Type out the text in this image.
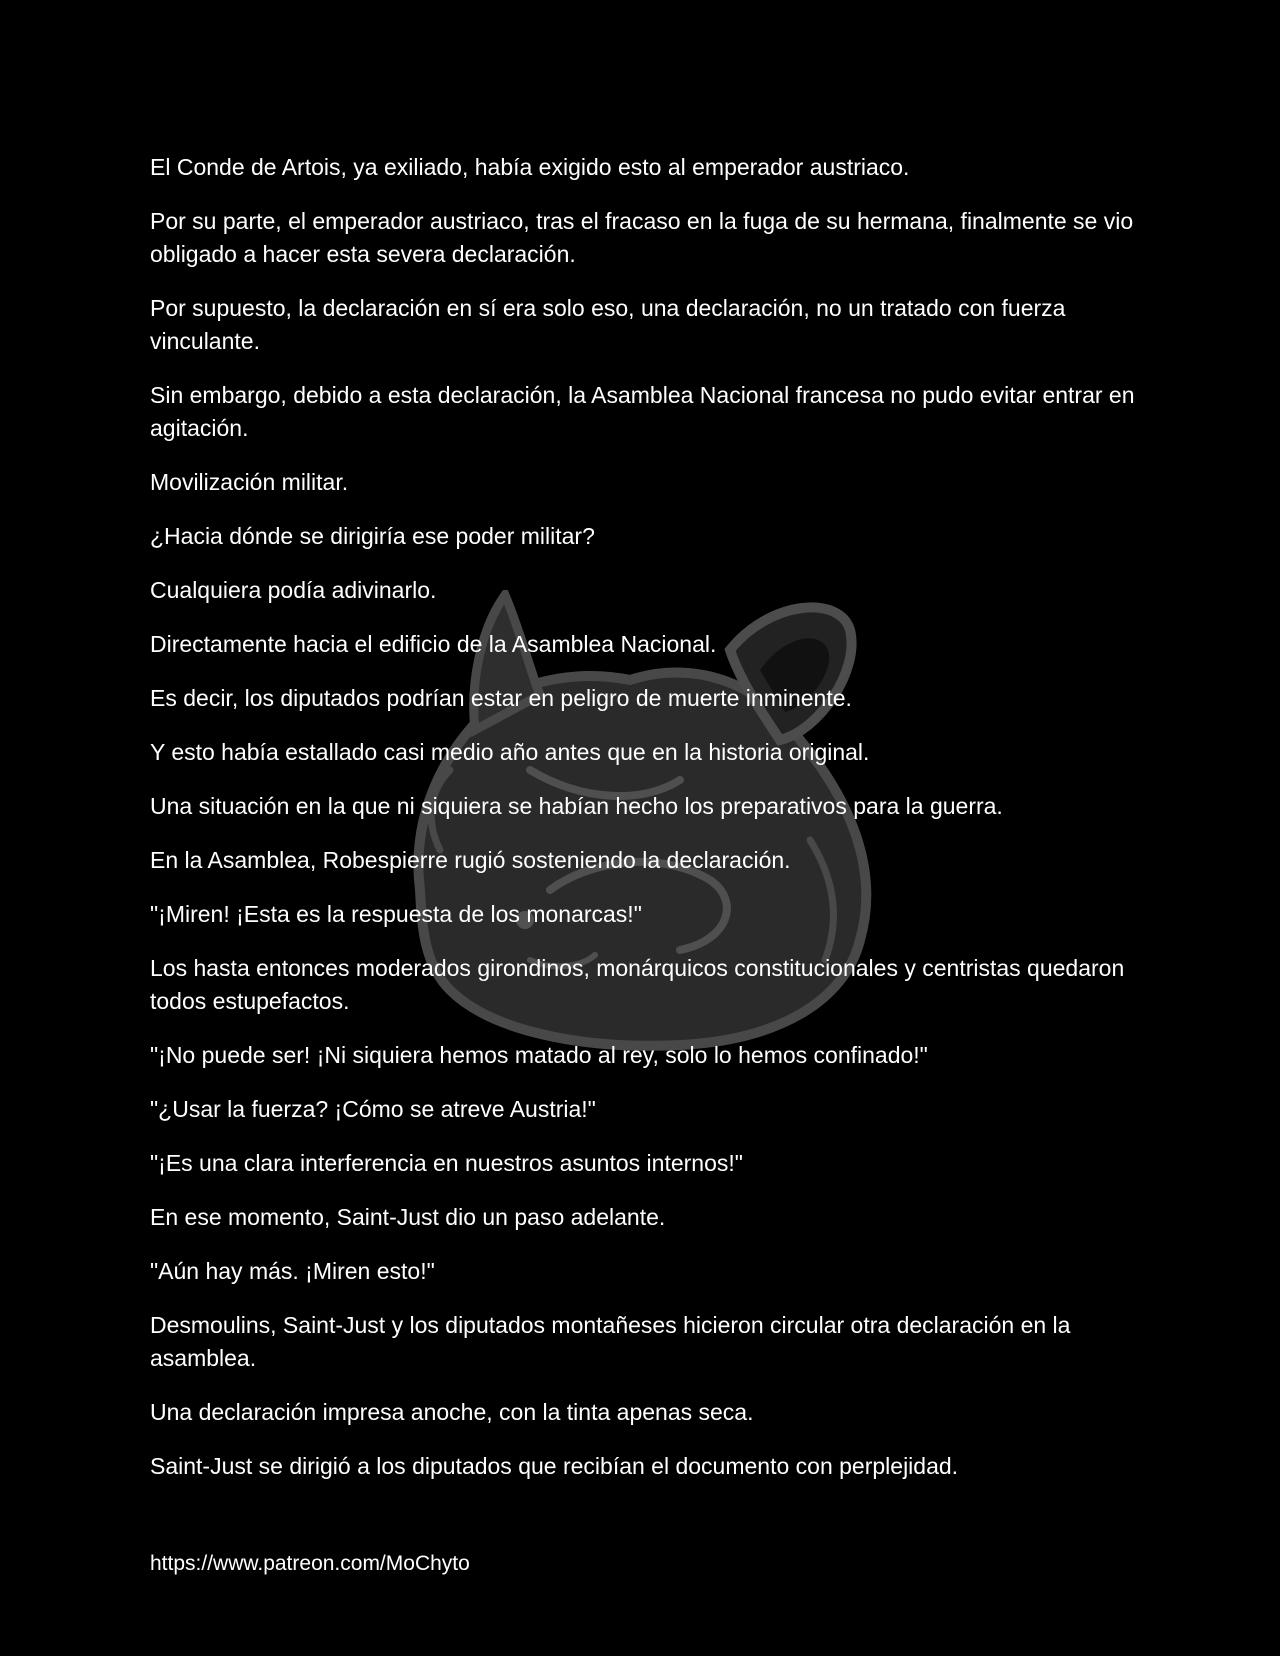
El Conde de Artois, ya exiliado, había exigido esto al emperador austriaco.

Por su parte, el emperador austriaco, tras el fracaso en la fuga de su hermana, finalmente se vio obligado a hacer esta severa declaración.

Por supuesto, la declaración en sí era solo eso, una declaración, no un tratado con fuerza vinculante.

Sin embargo, debido a esta declaración, la Asamblea Nacional francesa no pudo evitar entrar en agitación.

Movilización militar.

¿Hacia dónde se dirigiría ese poder militar?

Cualquiera podía adivinarlo.

Directamente hacia el edificio de la Asamblea Nacional.

Es decir, los diputados podrían estar en peligro de muerte inminente.

Y esto había estallado casi medio año antes que en la historia original.

Una situación en la que ni siquiera se habían hecho los preparativos para la guerra.

En la Asamblea, Robespierre rugió sosteniendo la declaración.

"¡Miren! ¡Esta es la respuesta de los monarcas!"

Los hasta entonces moderados girondinos, monárquicos constitucionales y centristas quedaron todos estupefactos.

"¡No puede ser! ¡Ni siquiera hemos matado al rey, solo lo hemos confinado!"

"¿Usar la fuerza? ¡Cómo se atreve Austria!"

"¡Es una clara interferencia en nuestros asuntos internos!"

En ese momento, Saint-Just dio un paso adelante.

"Aún hay más. ¡Miren esto!"

Desmoulins, Saint-Just y los diputados montañeses hicieron circular otra declaración en la asamblea.

Una declaración impresa anoche, con la tinta apenas seca.

Saint-Just se dirigió a los diputados que recibían el documento con perplejidad.

https://www.patreon.com/MoChyto
